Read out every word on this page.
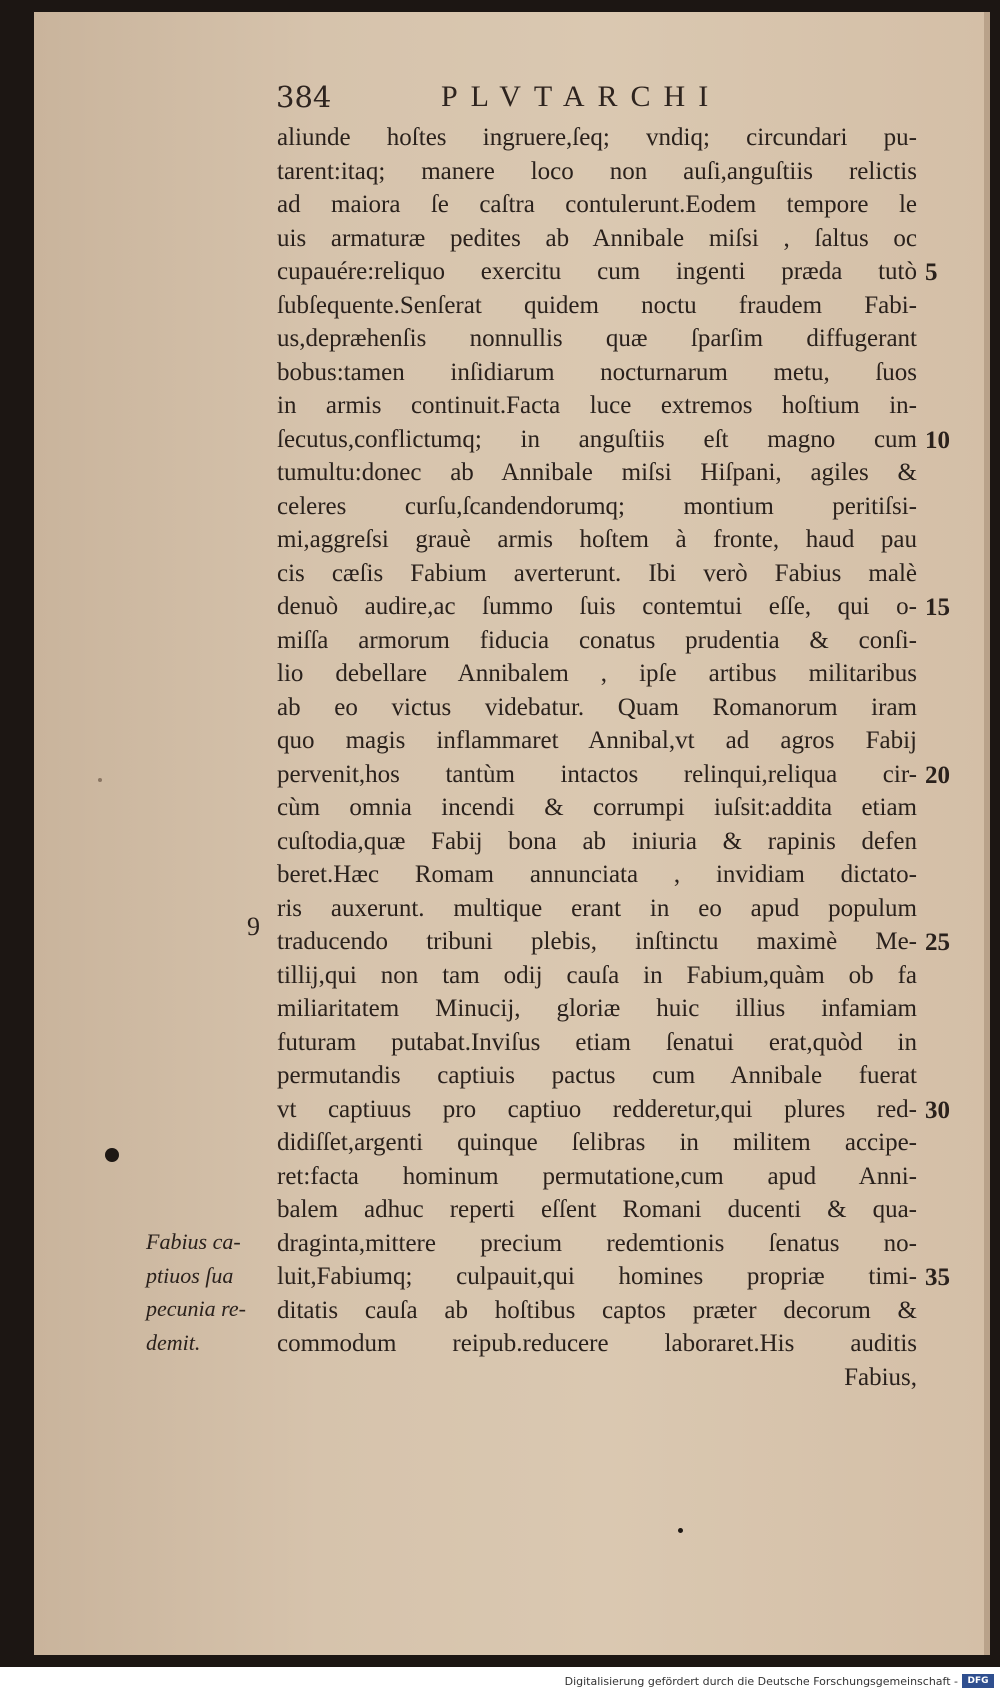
384	PLVTARCHI
aliunde hoſtes ingruere,ſeq; vndiq; circundari pu-
tarent:itaq; manere loco non auſi,anguſtiis relictis
ad maiora ſe caſtra contulerunt.Eodem tempore le
uis armaturæ pedites ab Annibale miſsi , ſaltus oc
cupauére:reliquo exercitu cum ingenti præda tutò
ſubſequente.Senſerat quidem noctu fraudem Fabi-
us,depræhenſis nonnullis quæ ſparſim diffugerant
bobus:tamen inſidiarum nocturnarum metu, ſuos
in armis continuit.Facta luce extremos hoſtium in-
ſecutus,conflictumq; in anguſtiis eſt magno cum
tumultu:donec ab Annibale miſsi Hiſpani, agiles &
celeres curſu,ſcandendorumq; montium peritiſsi-
mi,aggreſsi grauè armis hoſtem à fronte, haud pau
cis cæſis Fabium averterunt. Ibi verò Fabius malè
denuò audire,ac ſummo ſuis contemtui eſſe, qui o-
miſſa armorum fiducia conatus prudentia & conſi-
lio debellare Annibalem , ipſe artibus militaribus
ab eo victus videbatur. Quam Romanorum iram
quo magis inflammaret Annibal,vt ad agros Fabij
pervenit,hos tantùm intactos relinqui,reliqua cir-
cùm omnia incendi & corrumpi iuſsit:addita etiam
cuſtodia,quæ Fabij bona ab iniuria & rapinis defen
beret.Hæc Romam annunciata , invidiam dictato-
ris auxerunt. multique erant in eo apud populum
traducendo tribuni plebis, inſtinctu maximè Me-
tillij,qui non tam odij cauſa in Fabium,quàm ob fa
miliaritatem Minucij, gloriæ huic illius infamiam
futuram putabat.Inviſus etiam ſenatui erat,quòd in
permutandis captiuis pactus cum Annibale fuerat
vt captiuus pro captiuo redderetur,qui plures red-
didiſſet,argenti quinque ſelibras in militem accipe-
ret:facta hominum permutatione,cum apud Anni-
balem adhuc reperti eſſent Romani ducenti & qua-
draginta,mittere precium redemtionis ſenatus no-
luit,Fabiumq; culpauit,qui homines propriæ timi-
ditatis cauſa ab hoſtibus captos præter decorum &
commodum reipub.reducere laboraret.His auditis
Fabius,
5
10
15
20
25
30
35
9
Fabius ca-
ptiuos ſua
pecunia re-
demit.
Digitalisierung gefördert durch die Deutsche Forschungsgemeinschaft -	DFG
